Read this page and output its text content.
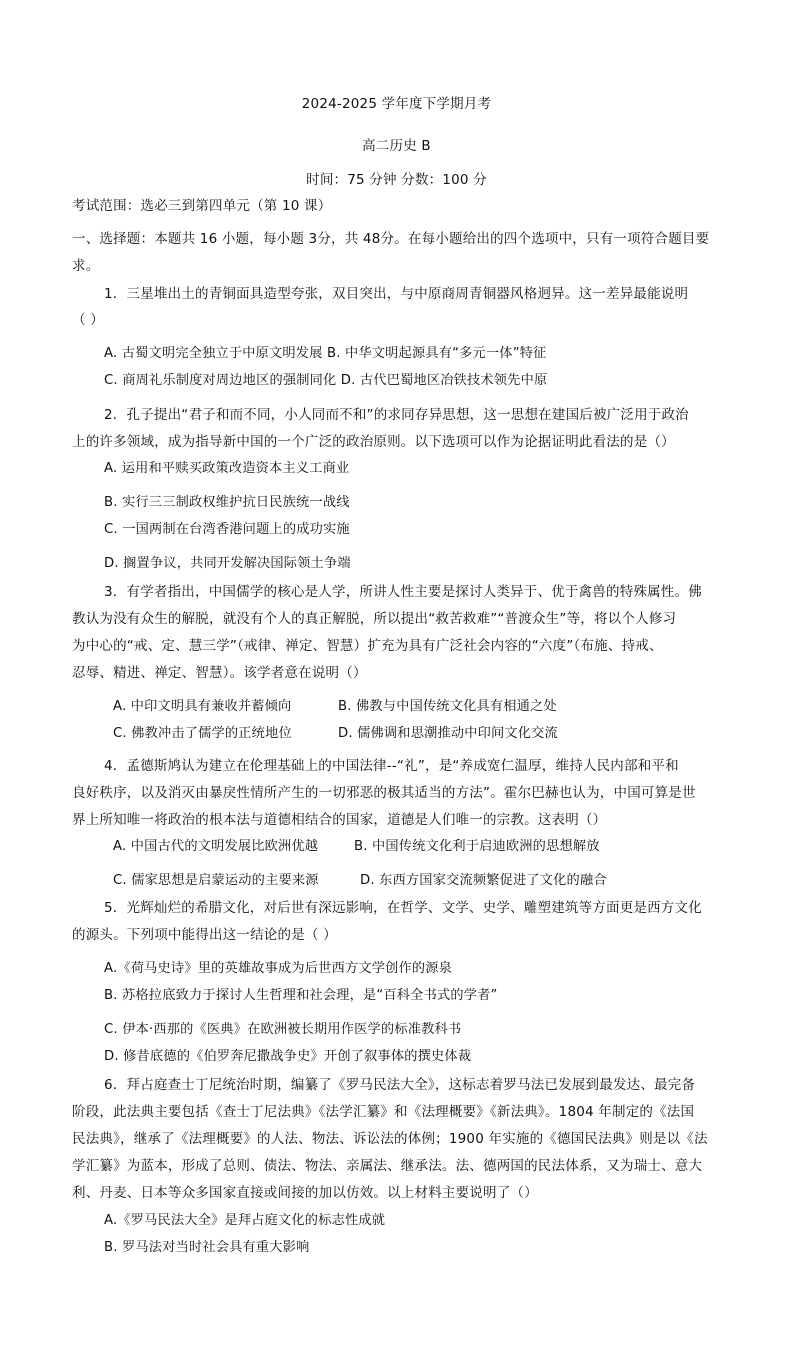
2024-2025 学年度下学期月考
高二历史 B
时间：75 分钟 分数：100 分
考试范围：选必三到第四单元（第 10 课）
一、选择题：本题共 16 小题，每小题 3分，共 48分。在每小题给出的四个选项中，只有一项符合题目要
求。
1．三星堆出土的青铜面具造型夸张，双目突出，与中原商周青铜器风格迥异。这一差异最能说明
（ ）
A. 古蜀文明完全独立于中原文明发展 B. 中华文明起源具有“多元一体”特征
C. 商周礼乐制度对周边地区的强制同化 D. 古代巴蜀地区冶铁技术领先中原
2．孔子提出“君子和而不同，小人同而不和”的求同存异思想，这一思想在建国后被广泛用于政治
上的许多领域，成为指导新中国的一个广泛的政治原则。以下选项可以作为论据证明此看法的是（）
A. 运用和平赎买政策改造资本主义工商业
B. 实行三三制政权维护抗日民族统一战线
C. 一国两制在台湾香港问题上的成功实施
D. 搁置争议，共同开发解决国际领土争端
3．有学者指出，中国儒学的核心是人学，所讲人性主要是探讨人类异于、优于禽兽的特殊属性。佛
教认为没有众生的解脱，就没有个人的真正解脱，所以提出“救苦救难”“普渡众生”等，将以个人修习
为中心的“戒、定、慧三学”（戒律、禅定、智慧）扩充为具有广泛社会内容的“六度”（布施、持戒、
忍辱、精进、禅定、智慧）。该学者意在说明（）
A. 中印文明具有兼收并蓄倾向	B. 佛教与中国传统文化具有相通之处
C. 佛教冲击了儒学的正统地位	D. 儒佛调和思潮推动中印间文化交流
4．孟德斯鸠认为建立在伦理基础上的中国法律--“礼”，是“养成宽仁温厚，维持人民内部和平和
良好秩序，以及消灭由暴戾性情所产生的一切邪恶的极其适当的方法”。霍尔巴赫也认为，中国可算是世
界上所知唯一将政治的根本法与道德相结合的国家，道德是人们唯一的宗教。这表明（）
A. 中国古代的文明发展比欧洲优越	B. 中国传统文化利于启迪欧洲的思想解放
C. 儒家思想是启蒙运动的主要来源	D. 东西方国家交流频繁促进了文化的融合
5．光辉灿烂的希腊文化，对后世有深远影响，在哲学、文学、史学、雕塑建筑等方面更是西方文化
的源头。下列项中能得出这一结论的是（ ）
A.《荷马史诗》里的英雄故事成为后世西方文学创作的源泉
B. 苏格拉底致力于探讨人生哲理和社会理，是“百科全书式的学者”
C. 伊本·西那的《医典》在欧洲被长期用作医学的标准教科书
D. 修昔底德的《伯罗奔尼撒战争史》开创了叙事体的撰史体裁
6．拜占庭查士丁尼统治时期，编纂了《罗马民法大全》，这标志着罗马法已发展到最发达、最完备
阶段，此法典主要包括《查士丁尼法典》《法学汇纂》和《法理概要》《新法典》。1804 年制定的《法国
民法典》，继承了《法理概要》的人法、物法、诉讼法的体例；1900 年实施的《德国民法典》则是以《法
学汇纂》为蓝本，形成了总则、债法、物法、亲属法、继承法。法、德两国的民法体系，又为瑞士、意大
利、丹麦、日本等众多国家直接或间接的加以仿效。以上材料主要说明了（）
A.《罗马民法大全》是拜占庭文化的标志性成就
B. 罗马法对当时社会具有重大影响
